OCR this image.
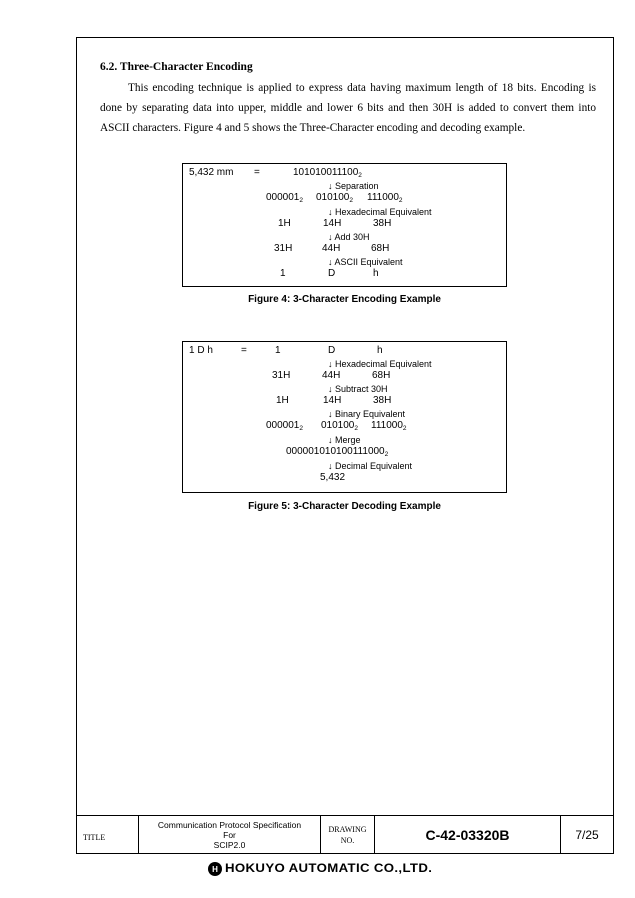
6.2. Three-Character Encoding

This encoding technique is applied to express data having maximum length of 18 bits. Encoding is done by separating data into upper, middle and lower 6 bits and then 30H is added to convert them into ASCII characters. Figure 4 and 5 shows the Three-Character encoding and decoding example.

5,432 mm =	$101010011100_2$
↓ Separation
$000001_2$ $010100_2$ $111000_2$
↓ Hexadecimal Equivalent
1H	14H	38H
↓ Add 30H
31H	44H	68H
↓ ASCII Equivalent
1	D	h
Figure 4: 3-Character Encoding Example
1 D h	=	1	D	h
↓ Hexadecimal Equivalent
31H	44H	68H
↓ Subtract 30H
1H	14H	38H
↓ Binary Equivalent
$000001_2$ $010100_2$ $111000_2$
↓ Merge
$000001010100111000_2$
↓ Decimal Equivalent
5,432
Figure 5: 3-Character Decoding Example
TITLE
Communication Protocol Specification
For
SCIP2.0
DRAWING
NO.	C-42-03320B	7/25
H HOKUYO AUTOMATIC CO.,LTD.
